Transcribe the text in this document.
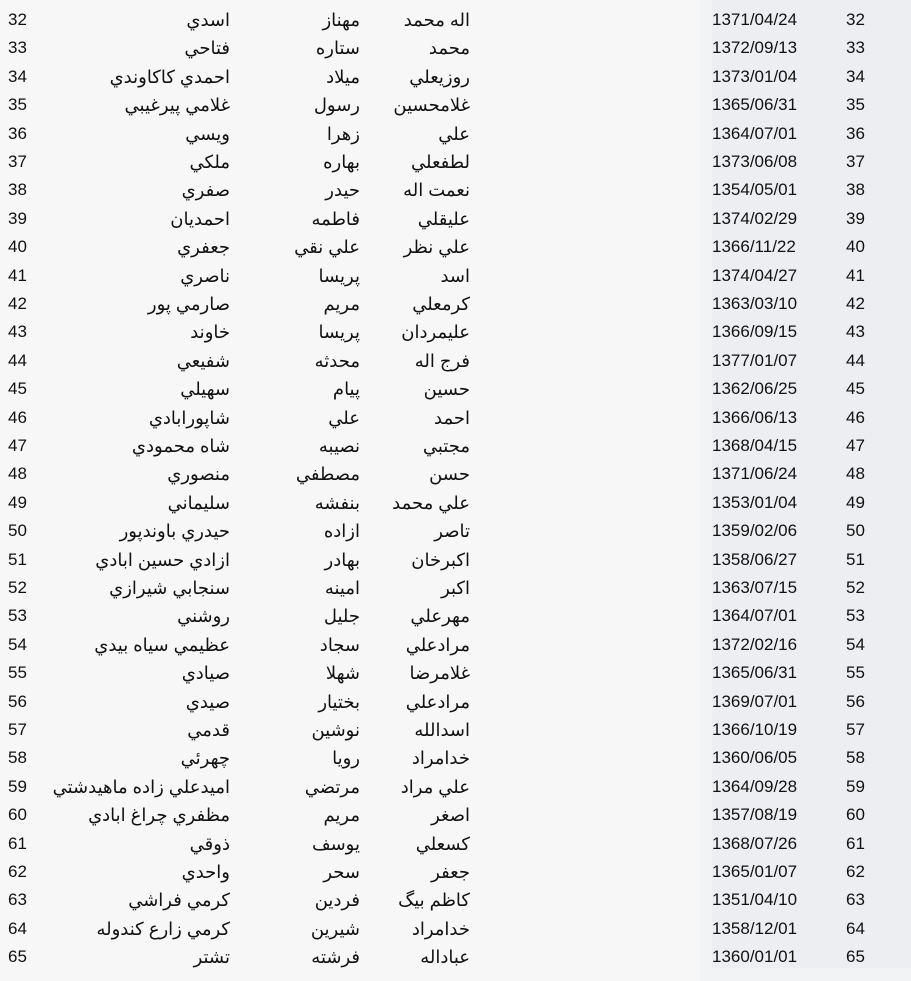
32	اسدي	مهناز	اله محمد	1371/04/24	32
33	فتاحي	ستاره	محمد	1372/09/13	33
34	احمدي كاكاوندي	ميلاد	روزيعلي	1373/01/04	34
35	غلامي پيرغيبي	رسول	غلامحسين	1365/06/31	35
36	ويسي	زهرا	علي	1364/07/01	36
37	ملكي	بهاره	لطفعلي	1373/06/08	37
38	صفري	حيدر	نعمت اله	1354/05/01	38
39	احمديان	فاطمه	عليقلي	1374/02/29	39
40	جعفري	علي نقي	علي نظر	1366/11/22	40
41	ناصري	پريسا	اسد	1374/04/27	41
42	صارمي پور	مريم	كرمعلي	1363/03/10	42
43	خاوند	پريسا	عليمردان	1366/09/15	43
44	شفيعي	محدثه	فرج اله	1377/01/07	44
45	سهيلي	پيام	حسين	1362/06/25	45
46	شاپورابادي	علي	احمد	1366/06/13	46
47	شاه محمودي	نصيبه	مجتبي	1368/04/15	47
48	منصوري	مصطفي	حسن	1371/06/24	48
49	سليماني	بنفشه	علي محمد	1353/01/04	49
50	حيدري باوندپور	ازاده	تاصر	1359/02/06	50
51	ازادي حسين ابادي	بهادر	اكبرخان	1358/06/27	51
52	سنجابي شيرازي	امينه	اكبر	1363/07/15	52
53	روشني	جليل	مهرعلي	1364/07/01	53
54	عظيمي سياه بيدي	سجاد	مرادعلي	1372/02/16	54
55	صيادي	شهلا	غلامرضا	1365/06/31	55
56	صيدي	بختيار	مرادعلي	1369/07/01	56
57	قدمي	نوشين	اسدالله	1366/10/19	57
58	چهرئي	رويا	خدامراد	1360/06/05	58
59	اميدعلي زاده ماهيدشتي	مرتضي	علي مراد	1364/09/28	59
60	مظفري چراغ ابادي	مريم	اصغر	1357/08/19	60
61	ذوقي	يوسف	كسعلي	1368/07/26	61
62	واحدي	سحر	جعفر	1365/01/07	62
63	كرمي فراشي	فردين	كاظم بيگ	1351/04/10	63
64	كرمي زارع كندوله	شيرين	خدامراد	1358/12/01	64
65	تشتر	فرشته	عباداله	1360/01/01	65
